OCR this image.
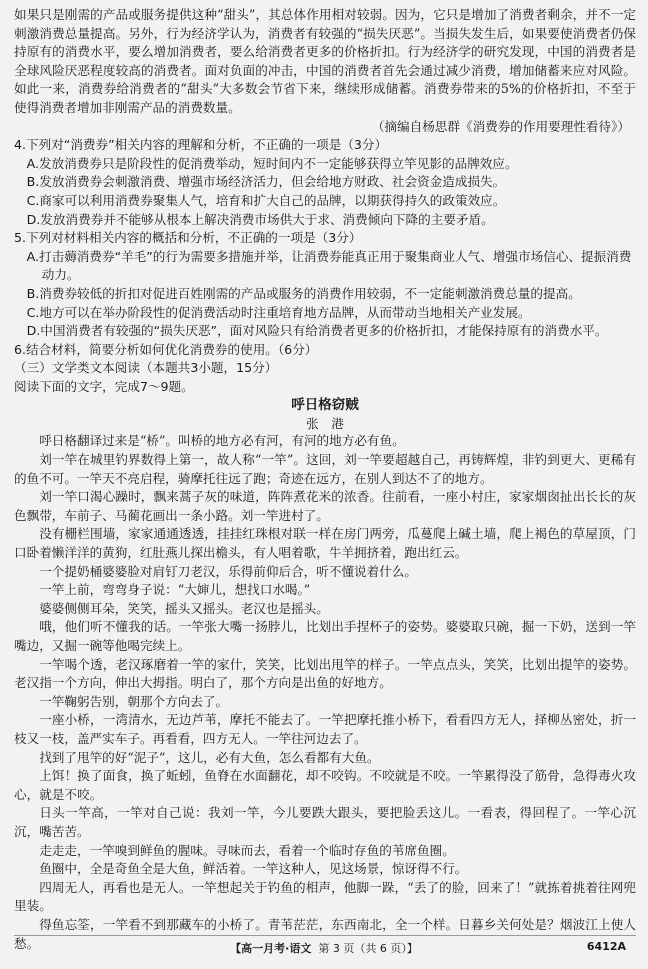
如果只是刚需的产品或服务提供这种“甜头”，其总体作用相对较弱。因为，它只是增加了消费者剩余，并不一定刺激消费总量提高。另外，行为经济学认为，消费者有较强的“损失厌恶”。当损失发生后，如果要使消费者仍保持原有的消费水平，要么增加消费者，要么给消费者更多的价格折扣。行为经济学的研究发现，中国的消费者是全球风险厌恶程度较高的消费者。面对负面的冲击，中国的消费者首先会通过减少消费，增加储蓄来应对风险。如此一来，消费券给消费者的“甜头”大多数会节省下来，继续形成储蓄。消费券带来的5%的价格折扣，不至于使得消费者增加非刚需产品的消费数量。

（摘编自杨思群《消费券的作用要理性看待》）

4.下列对“消费券”相关内容的理解和分析，不正确的一项是（3分）

A.发放消费券只是阶段性的促消费举动，短时间内不一定能够获得立竿见影的品牌效应。

B.发放消费券会刺激消费、增强市场经济活力，但会给地方财政、社会资金造成损失。

C.商家可以利用消费券聚集人气，培育和扩大自己的品牌，以期获得持久的政策效应。

D.发放消费券并不能够从根本上解决消费市场供大于求、消费倾向下降的主要矛盾。

5.下列对材料相关内容的概括和分析，不正确的一项是（3分）

A.打击薅消费券“羊毛”的行为需要多措施并举，让消费券能真正用于聚集商业人气、增强市场信心、提振消费动力。

B.消费券较低的折扣对促进百姓刚需的产品或服务的消费作用较弱，不一定能刺激消费总量的提高。

C.地方可以在举办阶段性的促消费活动时注重培育地方品牌，从而带动当地相关产业发展。

D.中国消费者有较强的“损失厌恶”，面对风险只有给消费者更多的价格折扣，才能保持原有的消费水平。

6.结合材料，简要分析如何优化消费券的使用。（6分）

（三）文学类文本阅读（本题共3小题，15分）

阅读下面的文字，完成7～9题。

呼日格窃贼

张　港

呼日格翻译过来是“桥”。叫桥的地方必有河，有河的地方必有鱼。

刘一竿在城里钓界数得上第一，故人称“一竿”。这回，刘一竿要超越自己，再铸辉煌，非钓到更大、更稀有的鱼不可。一竿天不亮启程，骑摩托往远了跑；奇迹在远方，在别人到达不了的地方。

刘一竿口渴心躁时，飘来蒿子灰的味道，阵阵煮花米的浓香。往前看，一座小村庄，家家烟囱扯出长长的灰色飘带，车前子、马蔺花画出一条小路。刘一竿进村了。

没有栅栏围墙，家家通通透透，挂挂红珠根对联一样在房门两旁，瓜蔓爬上碱土墙，爬上褐色的草屋顶，门口卧着懒洋洋的黄狗，红肚燕儿探出檐头，有人唱着歌，牛羊拥挤着，跑出红云。

一个提奶桶婆婆脸对肩钉刀老汉，乐得前仰后合，听不懂说着什么。

一竿上前，弯弯身子说：“大婶儿，想找口水喝。”

婆婆侧侧耳朵，笑笑，摇头又摇头。老汉也是摇头。

哦，他们听不懂我的话。一竿张大嘴一扬脖儿，比划出手捏杯子的姿势。婆婆取只碗，掘一下奶，送到一竿嘴边，又掘一碗等他喝完续上。

一竿喝个透，老汉琢磨着一竿的家什，笑笑，比划出甩竿的样子。一竿点点头，笑笑，比划出提竿的姿势。老汉指一个方向，伸出大拇指。明白了，那个方向是出鱼的好地方。

一竿鞠躬告别，朝那个方向去了。

一座小桥，一湾清水，无边芦苇，摩托不能去了。一竿把摩托推小桥下，看看四方无人，择柳丛密处，折一枝又一枝，盖严实车子。再看看，四方无人。一竿往河边去了。

找到了甩竿的好“泥子”，这儿，必有大鱼，怎么看都有大鱼。

上饵！换了面食，换了蚯蚓，鱼脊在水面翻花，却不咬钩。不咬就是不咬。一竿累得没了筋骨，急得毒火攻心，就是不咬。

日头一竿高，一竿对自己说：我刘一竿，今儿要跌大跟头，要把脸丢这儿。一看表，得回程了。一竿心沉沉，嘴苦苦。

走走走，一竿嗅到鲜鱼的腥味。寻味而去，看着一个临时存鱼的苇席鱼圈。

鱼圈中，全是奇鱼全是大鱼，鲜活着。一竿这种人，见这场景，惊讶得不行。

四周无人，再看也是无人。一竿想起关于钓鱼的相声，他脚一跺，“丢了的脸，回来了！”就拣着挑着往网兜里装。

得鱼忘筌，一竿看不到那藏车的小桥了。青苇茫茫，东西南北，全一个样。日暮乡关何处是？烟波江上使人愁。	【高一月考·语文 第 3 页（共 6 页）】	6412A
